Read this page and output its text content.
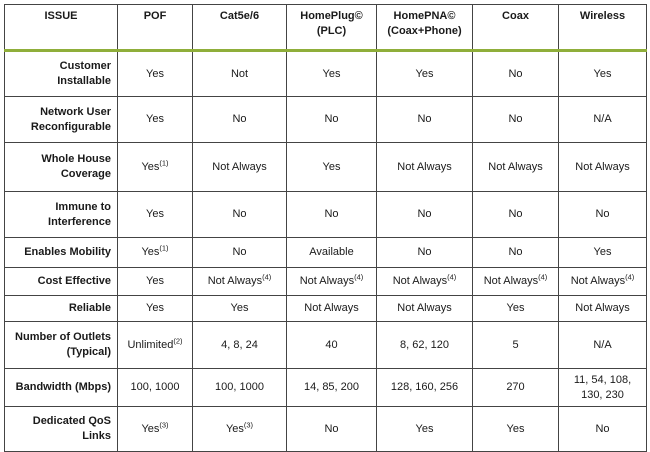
ISSUE	POF	Cat5e/6	HomePlug© (PLC)	HomePNA© (Coax+Phone)	Coax	Wireless
Customer Installable	Yes	Not	Yes	Yes	No	Yes
Network User Reconfigurable	Yes	No	No	No	No	N/A
Whole House Coverage	Yes$^{(1)}$	Not Always	Yes	Not Always	Not Always	Not Always
Immune to Interference	Yes	No	No	No	No	No
Enables Mobility	Yes$^{(1)}$	No	Available	No	No	Yes
Cost Effective	Yes	Not Always$^{(4)}$	Not Always$^{(4)}$	Not Always$^{(4)}$	Not Always$^{(4)}$	Not Always$^{(4)}$
Reliable	Yes	Yes	Not Always	Not Always	Yes	Not Always
Number of Outlets (Typical)	Unlimited$^{(2)}$	4, 8, 24	40	8, 62, 120	5	N/A
Bandwidth (Mbps)	100, 1000	100, 1000	14, 85, 200	128, 160, 256	270	11, 54, 108, 130, 230
Dedicated QoS Links	Yes$^{(3)}$	Yes$^{(3)}$	No	Yes	Yes	No
